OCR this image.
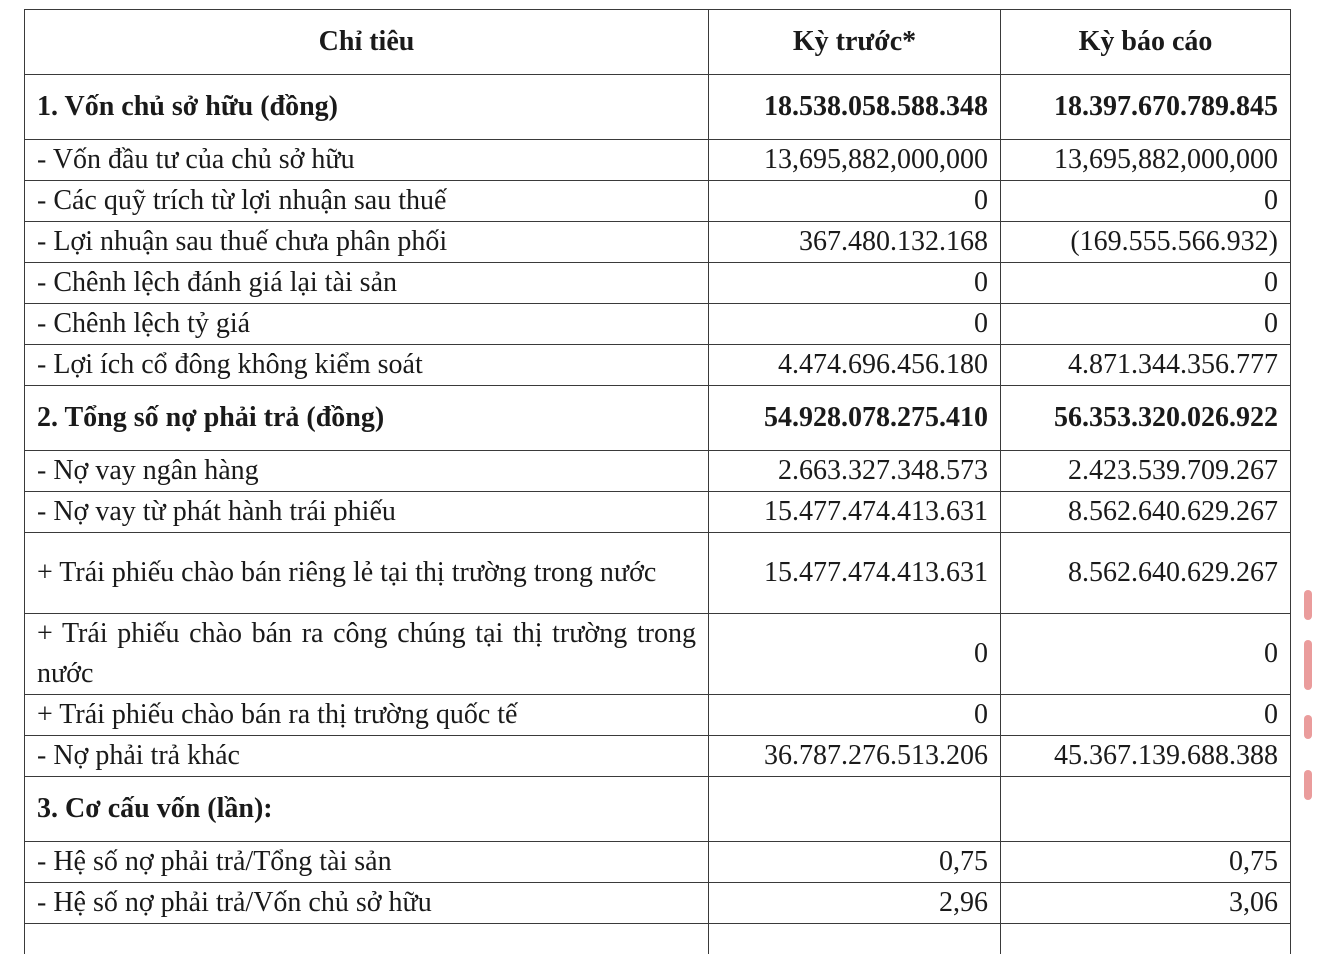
Chỉ tiêu	Kỳ trước*	Kỳ báo cáo
1. Vốn chủ sở hữu (đồng)	18.538.058.588.348	18.397.670.789.845
- Vốn đầu tư của chủ sở hữu	13,695,882,000,000	13,695,882,000,000
- Các quỹ trích từ lợi nhuận sau thuế	0	0
- Lợi nhuận sau thuế chưa phân phối	367.480.132.168	(169.555.566.932)
- Chênh lệch đánh giá lại tài sản	0	0
- Chênh lệch tỷ giá	0	0
- Lợi ích cổ đông không kiểm soát	4.474.696.456.180	4.871.344.356.777
2. Tổng số nợ phải trả (đồng)	54.928.078.275.410	56.353.320.026.922
- Nợ vay ngân hàng	2.663.327.348.573	2.423.539.709.267
- Nợ vay từ phát hành trái phiếu	15.477.474.413.631	8.562.640.629.267
+ Trái phiếu chào bán riêng lẻ tại thị trường trong nước	15.477.474.413.631	8.562.640.629.267
+ Trái phiếu chào bán ra công chúng tại thị trường trong nước	0	0
+ Trái phiếu chào bán ra thị trường quốc tế	0	0
- Nợ phải trả khác	36.787.276.513.206	45.367.139.688.388
3. Cơ cấu vốn (lần):		
- Hệ số nợ phải trả/Tổng tài sản	0,75	0,75
- Hệ số nợ phải trả/Vốn chủ sở hữu	2,96	3,06
